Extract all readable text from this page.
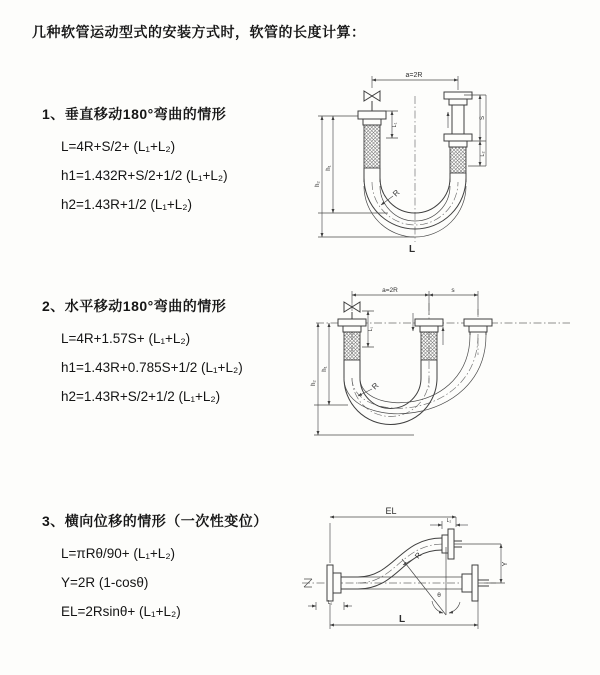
几种软管运动型式的安装方式时，软管的长度计算：
1、垂直移动180°弯曲的情形
L=4R+S/2+ (L₁+L₂)
h1=1.432R+S/2+1/2 (L₁+L₂)
h2=1.43R+1/2 (L₁+L₂)
2、水平移动180°弯曲的情形
L=4R+1.57S+ (L₁+L₂)
h1=1.43R+0.785S+1/2 (L₁+L₂)
h2=1.43R+S/2+1/2 (L₁+L₂)
3、横向位移的情形（一次性变位）
L=πRθ/90+ (L₁+L₂)
Y=2R (1-cosθ)
EL=2Rsinθ+ (L₁+L₂)
a=2R
h₂
h₁
L₁
S
L₂
R
L
a=2R	s
h₂
h₁
L₁
R
EL
L₂
Y
L
L₁
R
θ
